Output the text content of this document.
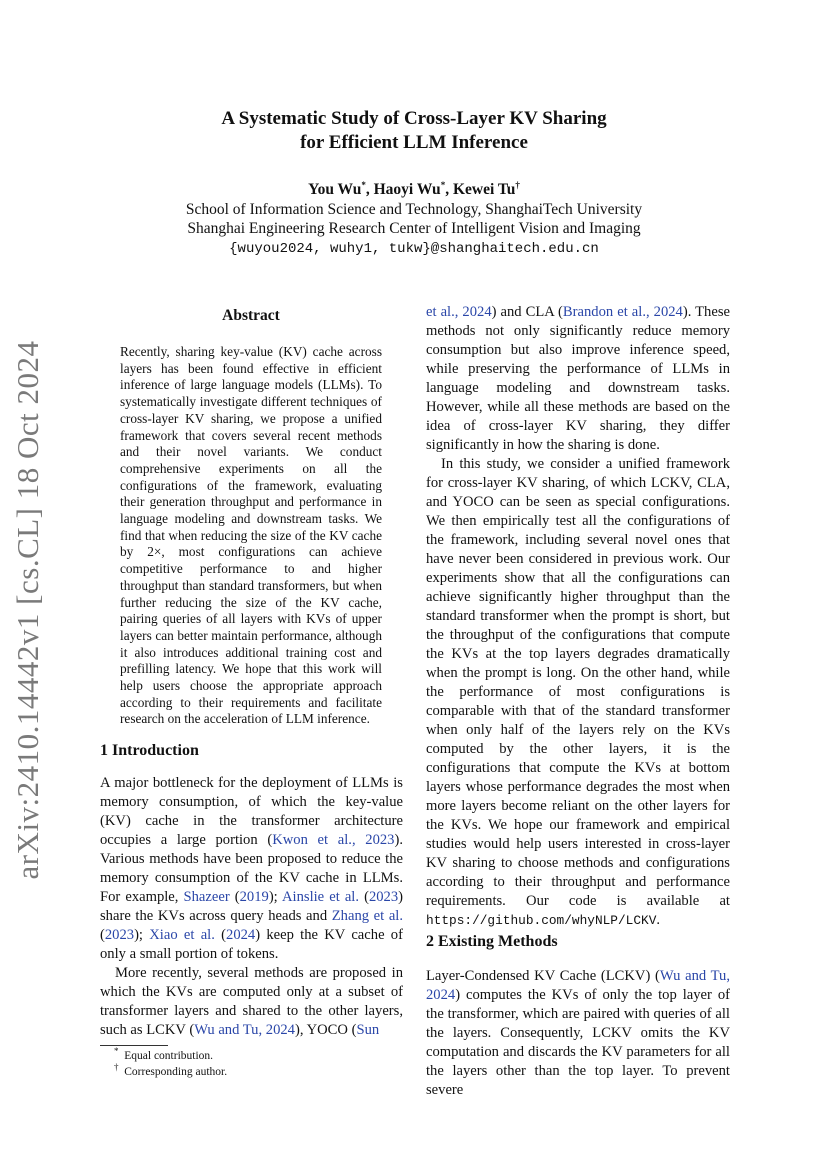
arXiv:2410.14442v1 [cs.CL] 18 Oct 2024
A Systematic Study of Cross-Layer KV Sharing
for Efficient LLM Inference
You Wu*, Haoyi Wu*, Kewei Tu†
School of Information Science and Technology, ShanghaiTech University
Shanghai Engineering Research Center of Intelligent Vision and Imaging
{wuyou2024, wuhy1, tukw}@shanghaitech.edu.cn
Abstract
Recently, sharing key-value (KV) cache across layers has been found effective in efficient inference of large language models (LLMs). To systematically investigate different techniques of cross-layer KV sharing, we propose a unified framework that covers several recent methods and their novel variants. We conduct comprehensive experiments on all the configurations of the framework, evaluating their generation throughput and performance in language modeling and downstream tasks. We find that when reducing the size of the KV cache by 2×, most configurations can achieve competitive performance to and higher throughput than standard transformers, but when further reducing the size of the KV cache, pairing queries of all layers with KVs of upper layers can better maintain performance, although it also introduces additional training cost and prefilling latency. We hope that this work will help users choose the appropriate approach according to their requirements and facilitate research on the acceleration of LLM inference.
1 Introduction

A major bottleneck for the deployment of LLMs is memory consumption, of which the key-value (KV) cache in the transformer architecture occupies a large portion (Kwon et al., 2023). Various methods have been proposed to reduce the memory consumption of the KV cache in LLMs. For example, Shazeer (2019); Ainslie et al. (2023) share the KVs across query heads and Zhang et al. (2023); Xiao et al. (2024) keep the KV cache of only a small portion of tokens.

More recently, several methods are proposed in which the KVs are computed only at a subset of transformer layers and shared to the other layers, such as LCKV (Wu and Tu, 2024), YOCO (Sun

* Equal contribution.
† Corresponding author.

et al., 2024) and CLA (Brandon et al., 2024). These methods not only significantly reduce memory consumption but also improve inference speed, while preserving the performance of LLMs in language modeling and downstream tasks. However, while all these methods are based on the idea of cross-layer KV sharing, they differ significantly in how the sharing is done.

In this study, we consider a unified framework for cross-layer KV sharing, of which LCKV, CLA, and YOCO can be seen as special configurations. We then empirically test all the configurations of the framework, including several novel ones that have never been considered in previous work. Our experiments show that all the configurations can achieve significantly higher throughput than the standard transformer when the prompt is short, but the throughput of the configurations that compute the KVs at the top layers degrades dramatically when the prompt is long. On the other hand, while the performance of most configurations is comparable with that of the standard transformer when only half of the layers rely on the KVs computed by the other layers, it is the configurations that compute the KVs at bottom layers whose performance degrades the most when more layers become reliant on the other layers for the KVs. We hope our framework and empirical studies would help users interested in cross-layer KV sharing to choose methods and configurations according to their throughput and performance requirements. Our code is available at https://github.com/whyNLP/LCKV.

2 Existing Methods

Layer-Condensed KV Cache (LCKV) (Wu and Tu, 2024) computes the KVs of only the top layer of the transformer, which are paired with queries of all the layers. Consequently, LCKV omits the KV computation and discards the KV parameters for all the layers other than the top layer. To prevent severe
